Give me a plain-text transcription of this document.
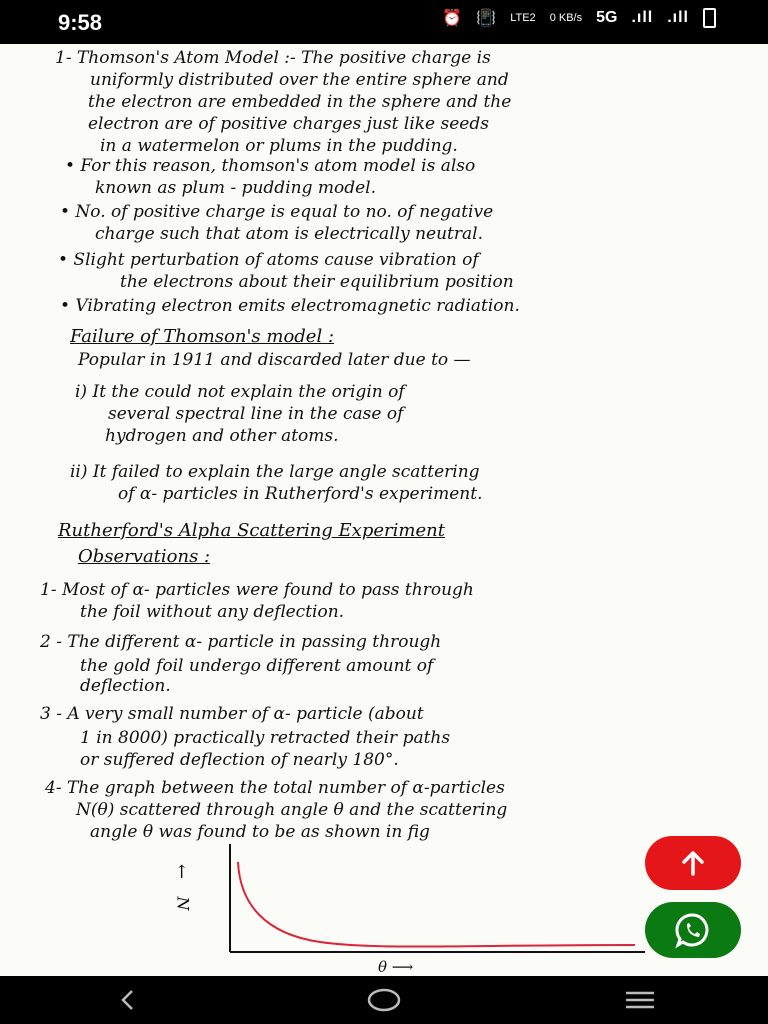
9:58	⏰ 📳 LTE2 0 KB/s 5G .ıll .ıll
1- Thomson's Atom Model :- The positive charge is
uniformly distributed over the entire sphere and
the electron are embedded in the sphere and the
electron are of positive charges just like seeds
in a watermelon or plums in the pudding.
• For this reason, thomson's atom model is also
known as plum - pudding model.
• No. of positive charge is equal to no. of negative
charge such that atom is electrically neutral.
• Slight perturbation of atoms cause vibration of
the electrons about their equilibrium position
• Vibrating electron emits electromagnetic radiation.
Failure of Thomson's model :
Popular in 1911 and discarded later due to —
i) It the could not explain the origin of
several spectral line in the case of
hydrogen and other atoms.
ii) It failed to explain the large angle scattering
of α- particles in Rutherford's experiment.
Rutherford's Alpha Scattering Experiment
Observations :
1- Most of α- particles were found to pass through
the foil without any deflection.
2 - The different α- particle in passing through
the gold foil undergo different amount of
deflection.
3 - A very small number of α- particle (about
1 in 8000) practically retracted their paths
or suffered deflection of nearly 180°.
4- The graph between the total number of α-particles
N(θ) scattered through angle θ and the scattering
angle θ was found to be as shown in fig
↑
N
θ ⟶
